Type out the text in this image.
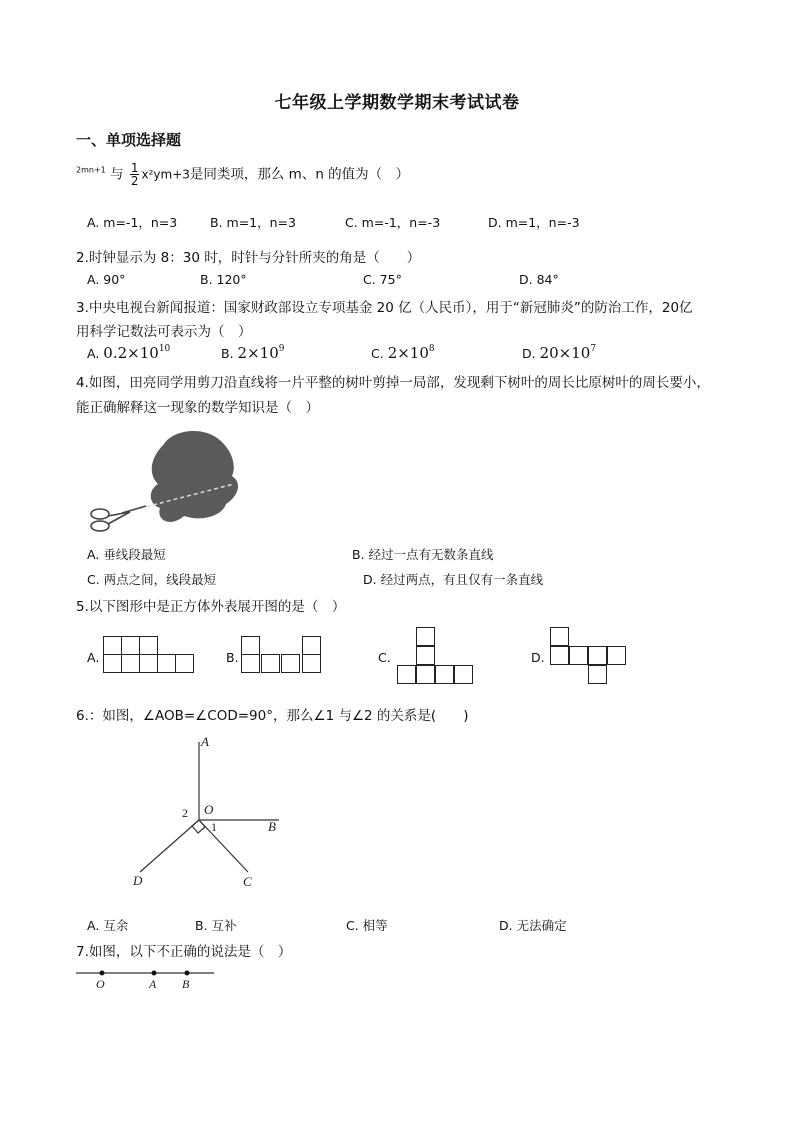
七年级上学期数学期末考试试卷
一、单项选择题
$^{2mn+1}$ 与 $\frac{1}{2} x^2ym+3$是同类项，那么 m、n 的值为（　）
A. m=-1，n=3	B. m=1，n=3	C. m=-1，n=-3	D. m=1，n=-3
2.时钟显示为 8：30 时，时针与分针所夹的角是（　　）
A. 90°	B. 120°	C. 75°	D. 84°
3.中央电视台新闻报道：国家财政部设立专项基金 20 亿（人民币），用于“新冠肺炎”的防治工作，20亿
用科学记数法可表示为（　）
A. $0.2\times 10^{10}$	B. $2\times 10^9$	C. $2\times 10^8$	D. $20\times 10^7$
4.如图，田亮同学用剪刀沿直线将一片平整的树叶剪掉一局部，发现剩下树叶的周长比原树叶的周长要小，
能正确解释这一现象的数学知识是（　）
A. 垂线段最短	B. 经过一点有无数条直线
C. 两点之间，线段最短	D. 经过两点，有且仅有一条直线
5.以下图形中是正方体外表展开图的是（　）
A.	B.	C.	D.
6.：如图，∠AOB=∠COD=90°，那么∠1 与∠2 的关系是(　　)
A
O
B
C
D
1
2
A. 互余	B. 互补	C. 相等	D. 无法确定
7.如图，以下不正确的说法是（　）
O	A B
